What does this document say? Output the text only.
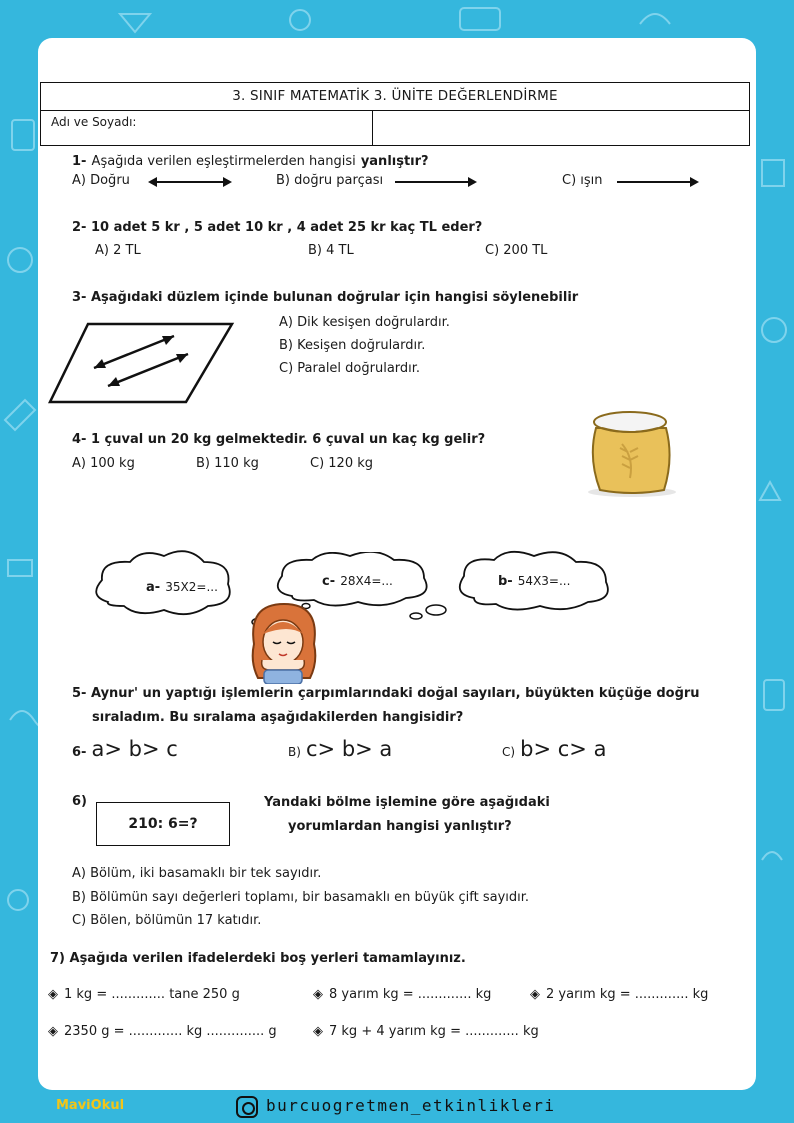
3. SINIF MATEMATİK 3. ÜNİTE DEĞERLENDİRME
Adı ve Soyadı:
1- Aşağıda verilen eşleştirmelerden hangisi yanlıştır?
A) Doğru	B) doğru parçası	C) ışın
2- 10 adet 5 kr , 5 adet 10 kr , 4 adet 25 kr kaç TL eder?
A) 2 TL	B) 4 TL	C) 200 TL
3- Aşağıdaki düzlem içinde bulunan doğrular için hangisi söylenebilir
A) Dik kesişen doğrulardır.
B) Kesişen doğrulardır.
C) Paralel doğrulardır.
4- 1 çuval un 20 kg gelmektedir. 6 çuval un kaç kg gelir?
A) 100 kg	B) 110 kg	C) 120 kg
a- 35X2=...	c- 28X4=...	b- 54X3=...
5- Aynur' un yaptığı işlemlerin çarpımlarındaki doğal sayıları, büyükten küçüğe doğru
sıraladım. Bu sıralama aşağıdakilerden hangisidir?
6- a> b> c	B) c> b> a	C) b> c> a
6)
210: 6=?
Yandaki bölme işlemine göre aşağıdaki
yorumlardan hangisi yanlıştır?
A) Bölüm, iki basamaklı bir tek sayıdır.
B) Bölümün sayı değerleri toplamı, bir basamaklı en büyük çift sayıdır.
C) Bölen, bölümün 17 katıdır.
7) Aşağıda verilen ifadelerdeki boş yerleri tamamlayınız.
◈ 1 kg = ............. tane 250 g	◈ 8 yarım kg = ............. kg	◈ 2 yarım kg = ............. kg
◈ 2350 g = ............. kg .............. g	◈ 7 kg + 4 yarım kg = ............. kg
MaviOkul	burcuogretmen_etkinlikleri
